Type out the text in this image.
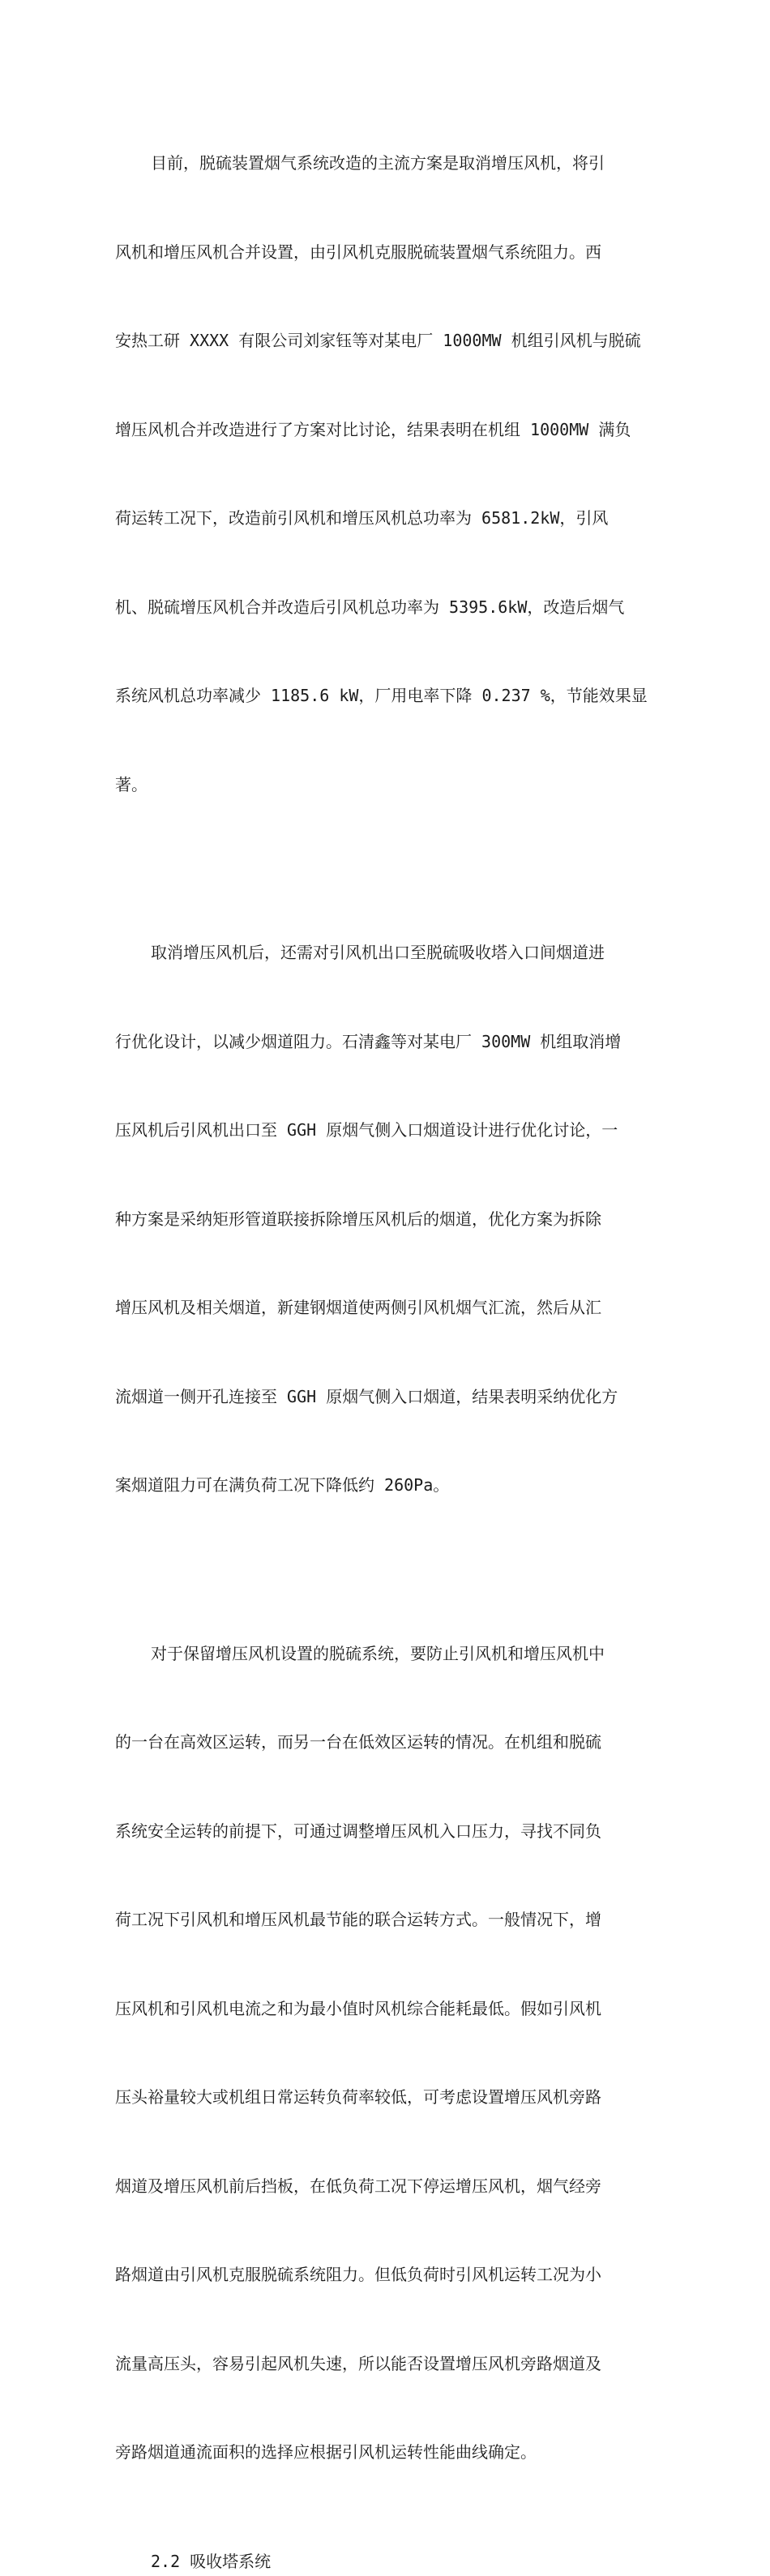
目前，脱硫装置烟气系统改造的主流方案是取消增压风机，将引

风机和增压风机合并设置，由引风机克服脱硫装置烟气系统阻力。西

安热工研 XXXX 有限公司刘家钰等对某电厂 1000MW 机组引风机与脱硫

增压风机合并改造进行了方案对比讨论，结果表明在机组 1000MW 满负

荷运转工况下，改造前引风机和增压风机总功率为 6581.2kW，引风

机、脱硫增压风机合并改造后引风机总功率为 5395.6kW，改造后烟气

系统风机总功率减少 1185.6 kW，厂用电率下降 0.237 %，节能效果显

著。

取消增压风机后，还需对引风机出口至脱硫吸收塔入口间烟道进

行优化设计，以减少烟道阻力。石清鑫等对某电厂 300MW 机组取消增

压风机后引风机出口至 GGH 原烟气侧入口烟道设计进行优化讨论，一

种方案是采纳矩形管道联接拆除增压风机后的烟道，优化方案为拆除

增压风机及相关烟道，新建钢烟道使两侧引风机烟气汇流，然后从汇

流烟道一侧开孔连接至 GGH 原烟气侧入口烟道，结果表明采纳优化方

案烟道阻力可在满负荷工况下降低约 260Pa。

对于保留增压风机设置的脱硫系统，要防止引风机和增压风机中

的一台在高效区运转，而另一台在低效区运转的情况。在机组和脱硫

系统安全运转的前提下，可通过调整增压风机入口压力，寻找不同负

荷工况下引风机和增压风机最节能的联合运转方式。一般情况下，增

压风机和引风机电流之和为最小值时风机综合能耗最低。假如引风机

压头裕量较大或机组日常运转负荷率较低，可考虑设置增压风机旁路

烟道及增压风机前后挡板，在低负荷工况下停运增压风机，烟气经旁

路烟道由引风机克服脱硫系统阻力。但低负荷时引风机运转工况为小

流量高压头，容易引起风机失速，所以能否设置增压风机旁路烟道及

旁路烟道通流面积的选择应根据引风机运转性能曲线确定。

2.2 吸收塔系统
